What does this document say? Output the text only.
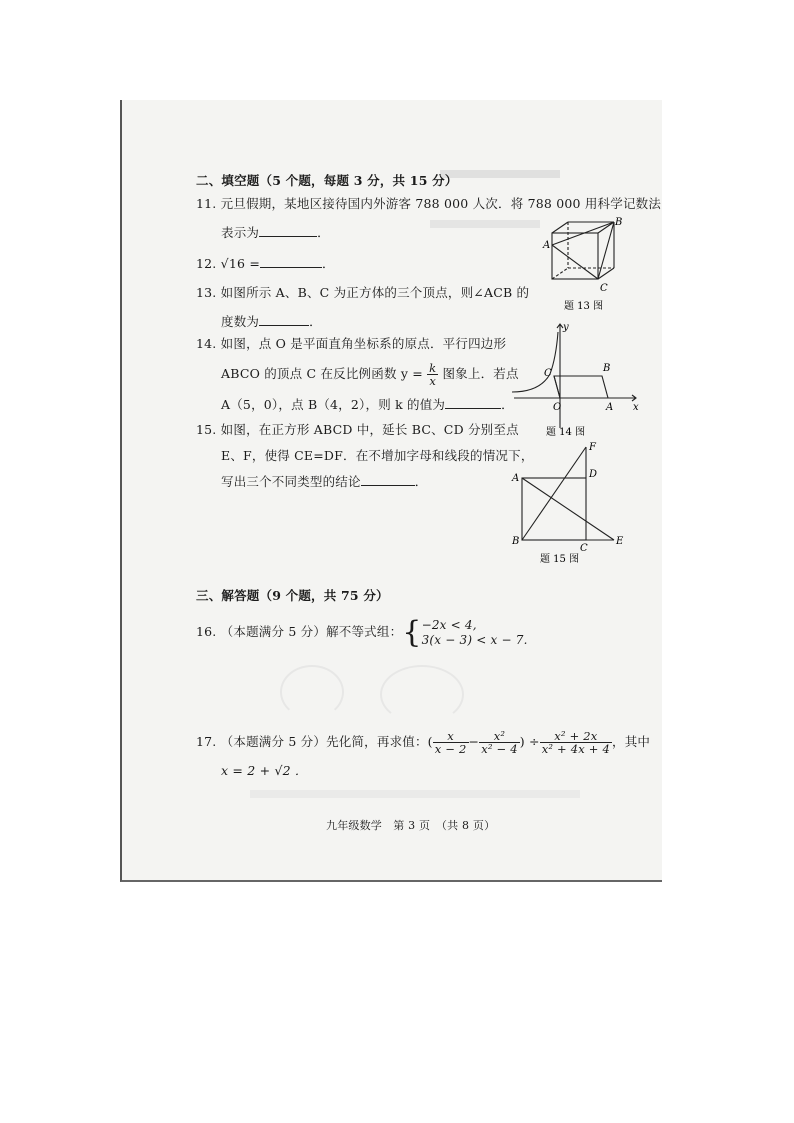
二、填空题（5 个题，每题 3 分，共 15 分）
11. 元旦假期，某地区接待国内外游客 788 000 人次．将 788 000 用科学记数法
表示为	．
12. √16 =	．
13. 如图所示 A、B、C 为正方体的三个顶点，则∠ACB 的
度数为	．
A
B
C
题 13 图
14. 如图，点 O 是平面直角坐标系的原点．平行四边形
ABCO 的顶点 C 在反比例函数 $y = \frac{k}{x}$ 图象上．若点
A（5，0），点 B（4，2），则 k 的值为	．
y
C	B
O	A x
题 14 图
15. 如图，在正方形 ABCD 中，延长 BC、CD 分别至点
E、F，使得 CE=DF．在不增加字母和线段的情况下，
写出三个不同类型的结论	．
F
A	D
B
C
E
题 15 图
三、解答题（9 个题，共 75 分）
16. （本题满分 5 分）解不等式组：{ −2x < 4,
3(x − 3) < x − 7.
17. （本题满分 5 分）先化简，再求值：( $\frac{x}{x - 2} - \frac{\text{x²}}{\text{x² − 4}}$ ) ÷ $\frac{\text{x² + 2x}}{\text{x² + 4x + 4}}$ ，其中
x = 2 + √2 ．
九年级数学　第 3 页　（共 8 页）
